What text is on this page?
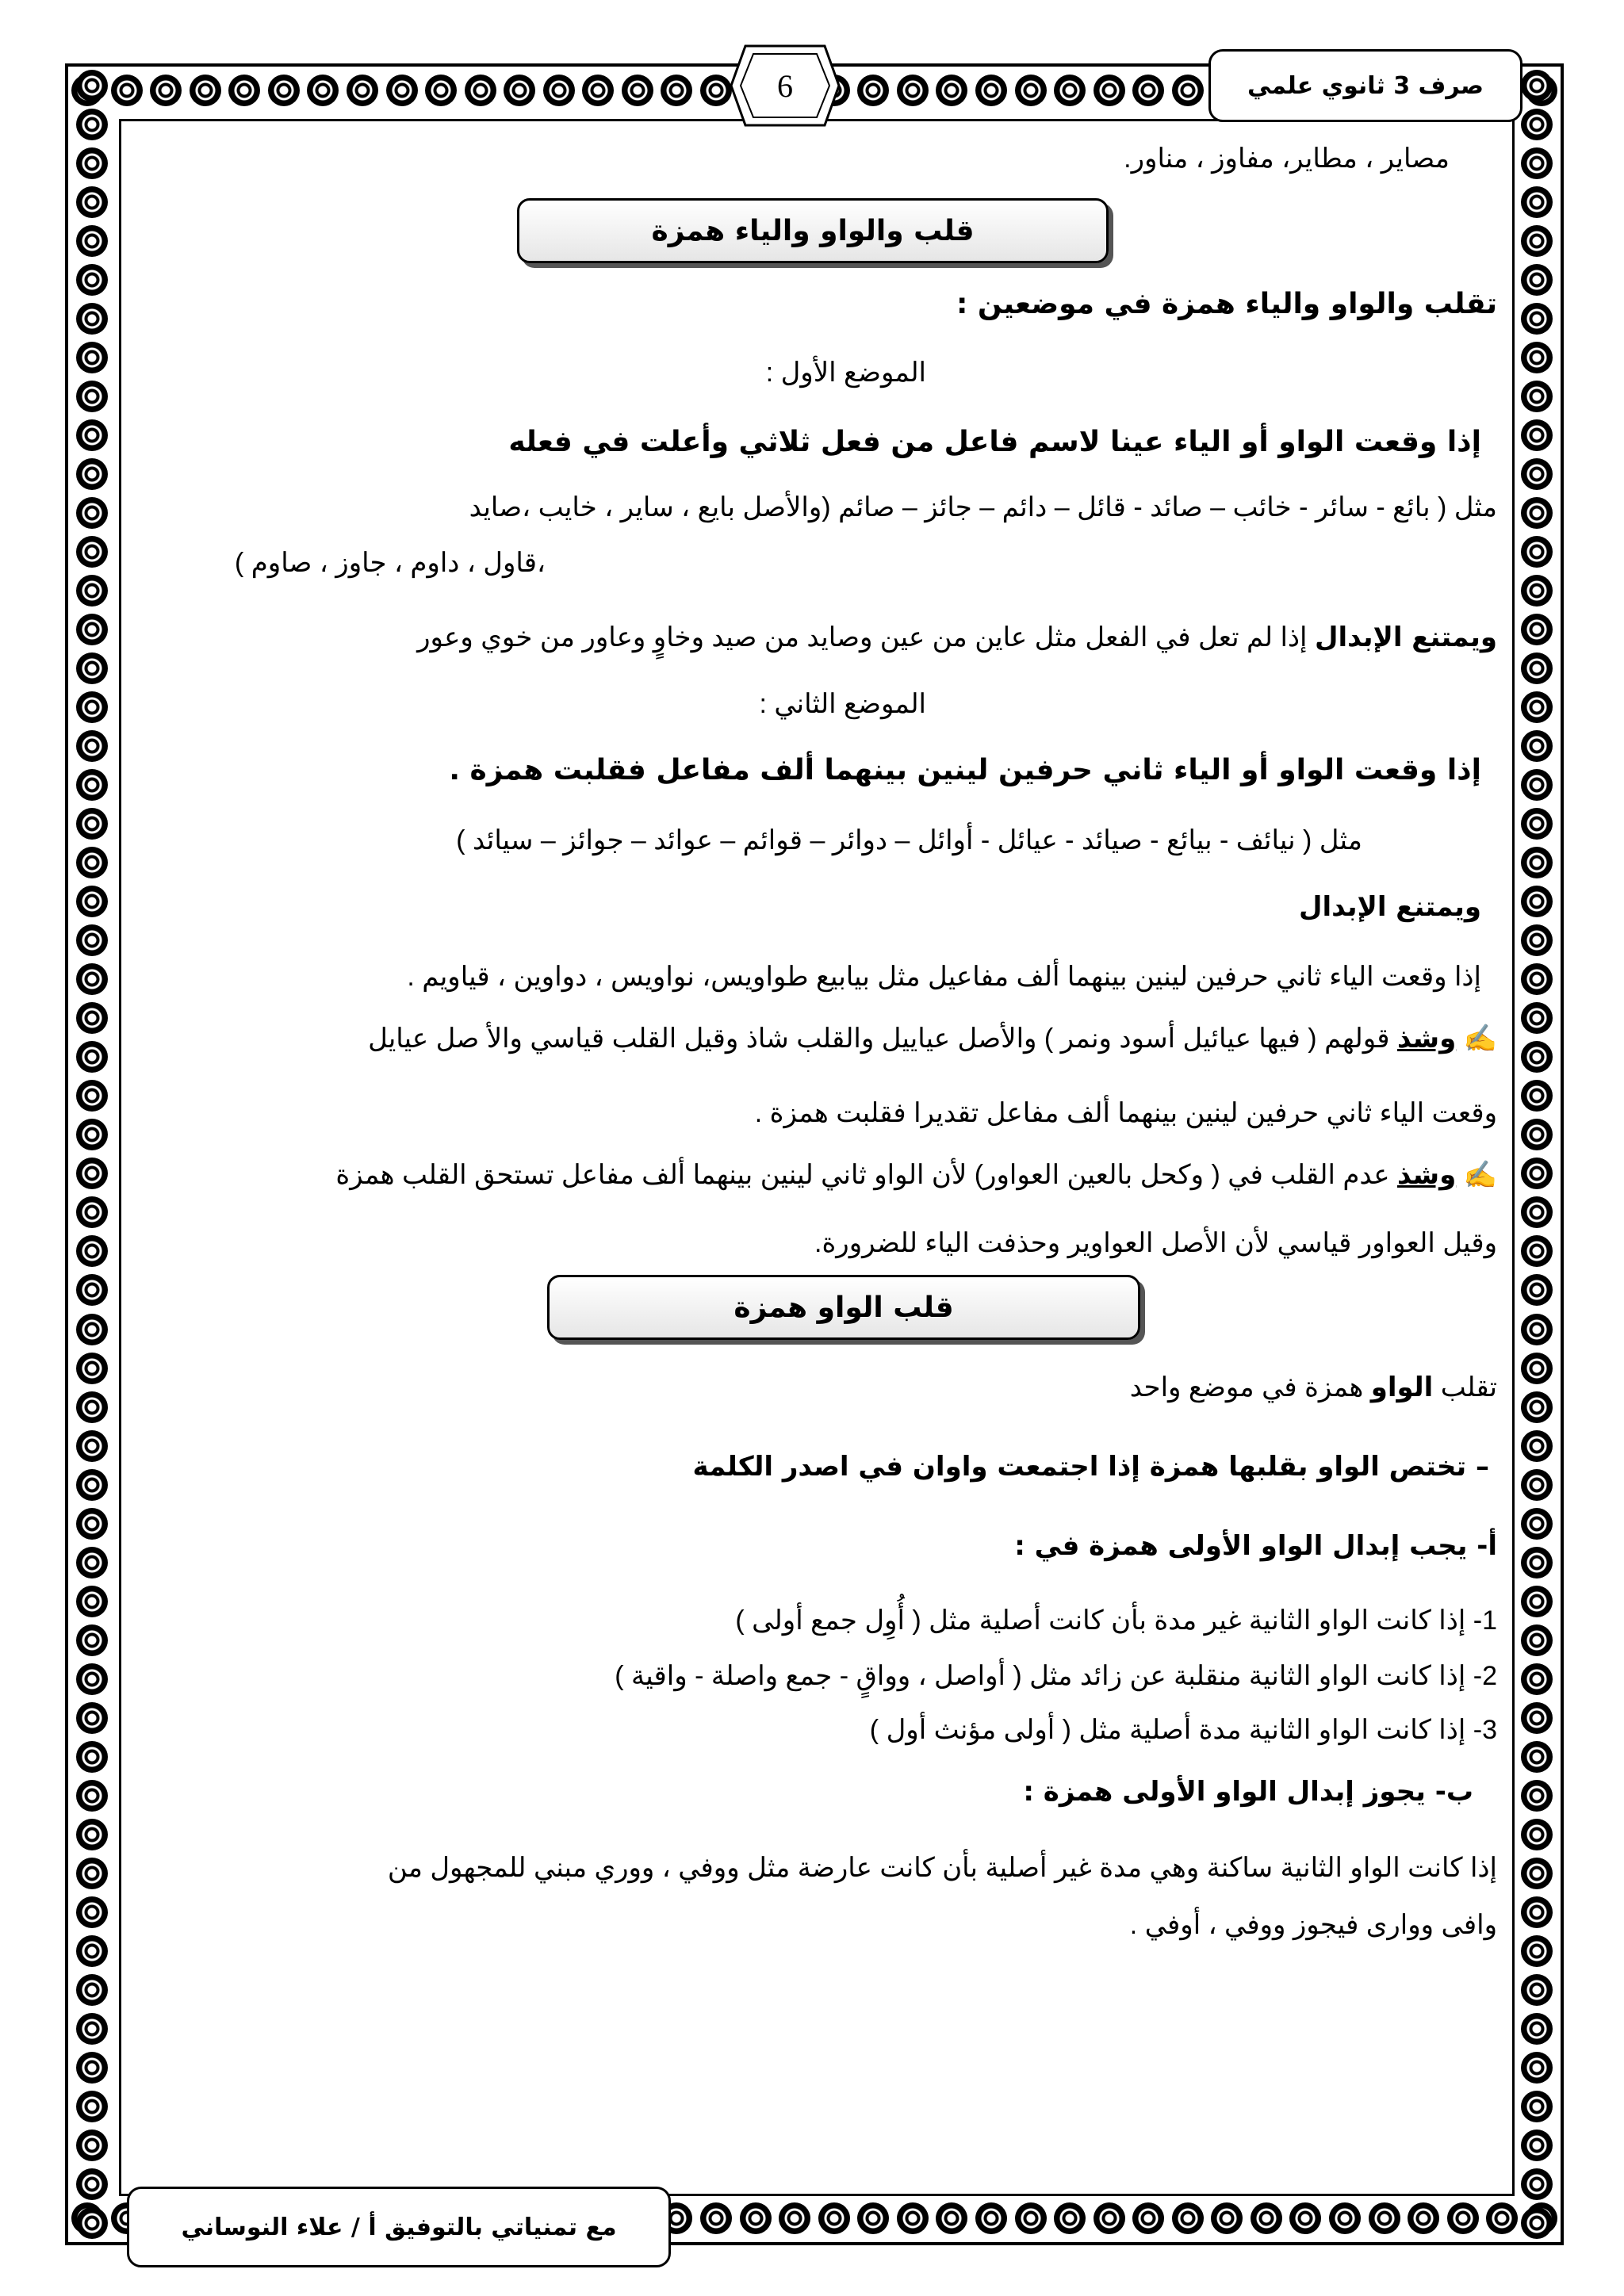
صرف 3 ثانوي علمي
6
مصاير ، مطاير، مفاوز ، مناور.
قلب والواو والياء همزة
تقلب والواو والياء همزة في موضعين :
الموضع الأول :
إذا وقعت الواو أو الياء عينا لاسم فاعل من فعل ثلاثي وأعلت في فعله
مثل ( بائع - سائر - خائب – صائد - قائل – دائم – جائز – صائم (والأصل بايع ، ساير ، خايب ،صايد
،قاول ، داوم ، جاوز ، صاوم )
ويمتنع الإبدال إذا لم تعل في الفعل مثل عاين من عين وصايد من صيد وخاوٍ وعاور من خوي وعور
الموضع الثاني :
إذا وقعت الواو أو الياء ثاني حرفين لينين بينهما ألف مفاعل فقلبت همزة .
مثل ( نيائف - بيائع - صيائد - عيائل - أوائل – دوائر – قوائم – عوائد – جوائز – سيائد )
ويمتنع الإبدال
إذا وقعت الياء ثاني حرفين لينين بينهما ألف مفاعيل مثل بيابيع طواويس، نواويس ، دواوين ، قياويم .
✍ وشذ قولهم ( فيها عيائيل أسود ونمر ) والأصل عياييل والقلب شاذ وقيل القلب قياسي والأ صل عيايل
وقعت الياء ثاني حرفين لينين بينهما ألف مفاعل تقديرا فقلبت همزة .
✍ وشذ عدم القلب في ( وكحل بالعين العواور) لأن الواو ثاني لينين بينهما ألف مفاعل تستحق القلب همزة
وقيل العواور قياسي لأن الأصل العواوير وحذفت الياء للضرورة.
قلب الواو همزة
تقلب الواو همزة في موضع واحد
– تختص الواو بقلبها همزة إذا اجتمعت واوان في اصدر الكلمة
أ- يجب إبدال الواو الأولى همزة في :
1- إذا كانت الواو الثانية غير مدة بأن كانت أصلية مثل ( أُوِل جمع أولى )
2- إذا كانت الواو الثانية منقلبة عن زائد مثل ( أواصل ، وواقٍ - جمع واصلة - واقية )
3- إذا كانت الواو الثانية مدة أصلية مثل ( أولى مؤنث أول )
ب- يجوز إبدال الواو الأولى همزة :
إذا كانت الواو الثانية ساكنة وهي مدة غير أصلية بأن كانت عارضة مثل ووفي ، ووري مبني للمجهول من
وافى ووارى فيجوز ووفي ، أوفي .
مع تمنياتي بالتوفيق أ / علاء النوساني
